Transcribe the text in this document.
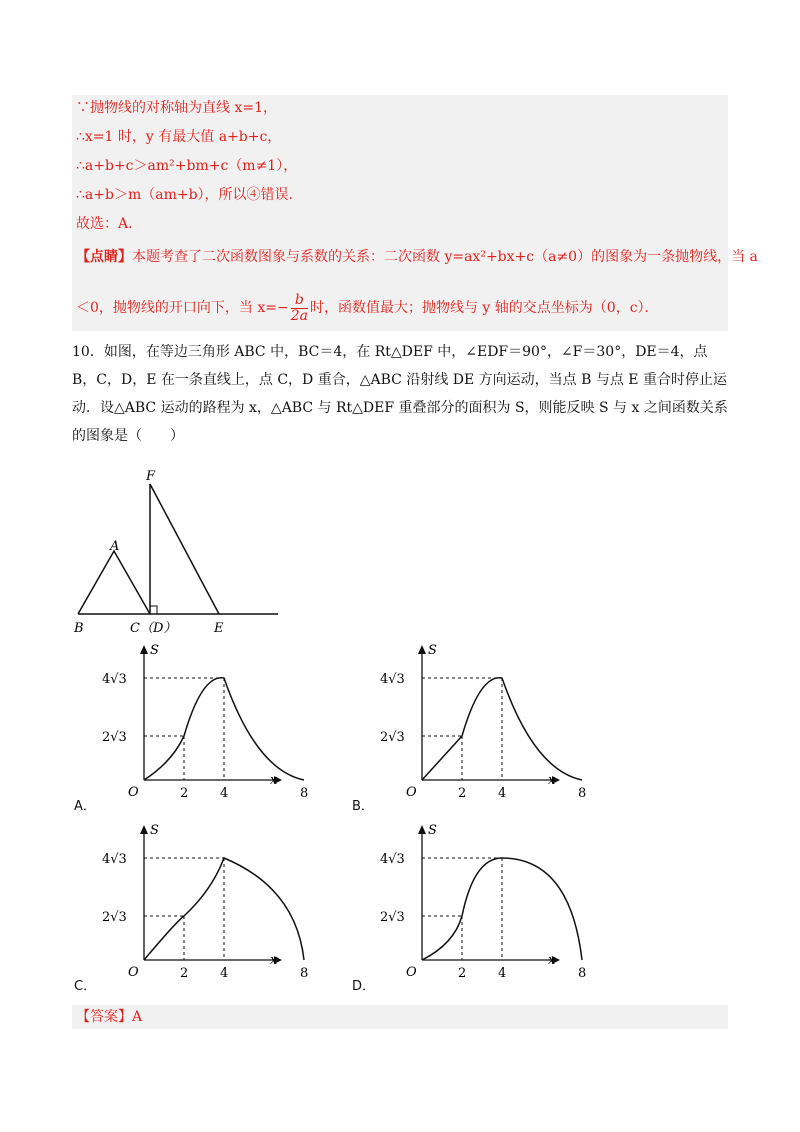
∵抛物线的对称轴为直线 x=1，
∴x=1 时，y 有最大值 a+b+c，
∴a+b+c＞am²+bm+c（m≠1），
∴a+b＞m（am+b），所以④错误．
故选：A．
【点睛】本题考查了二次函数图象与系数的关系：二次函数 y=ax²+bx+c（a≠0）的图象为一条抛物线，当 a
＜0，抛物线的开口向下，当 $x=- \frac{b}{2a}$ 时，函数值最大；抛物线与 y 轴的交点坐标为（0，c）．
10．如图，在等边三角形 ABC 中，BC＝4，在 Rt△DEF 中，∠EDF＝90°，∠F＝30°，DE＝4，点 B，C，D，E 在一条直线上，点 C，D 重合，△ABC 沿射线 DE 方向运动，当点 B 与点 E 重合时停止运动．设△ABC 运动的路程为 x，△ABC 与 Rt△DEF 重叠部分的面积为 S，则能反映 S 与 x 之间函数关系的图象是（　　）
A
B	C（D）	E
F
A．	B．
C．	D．
S
x
O
4√3
2√3
2 4	8
S
x
O
4√3
2√3
2 4	8
S
x
O
4√3
2√3
2 4	8
S
x
O
4√3
2√3
2 4	8
【答案】A
